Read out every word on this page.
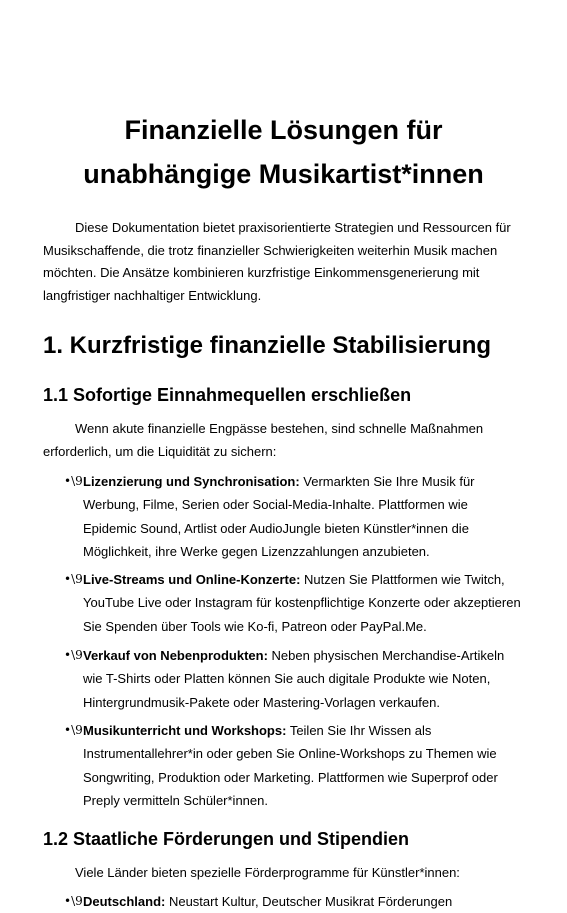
Finanzielle Lösungen für unabhängige Musikartist*innen

Diese Dokumentation bietet praxisorientierte Strategien und Ressourcen für Musikschaffende, die trotz finanzieller Schwierigkeiten weiterhin Musik machen möchten. Die Ansätze kombinieren kurzfristige Einkommensgenerierung mit langfristiger nachhaltiger Entwicklung.

1. Kurzfristige finanzielle Stabilisierung
1.1 Sofortige Einnahmequellen erschließen

Wenn akute finanzielle Engpässe bestehen, sind schnelle Maßnahmen erforderlich, um die Liquidität zu sichern:

•\9 Lizenzierung und Synchronisation: Vermarkten Sie Ihre Musik für Werbung, Filme, Serien oder Social-Media-Inhalte. Plattformen wie Epidemic Sound, Artlist oder AudioJungle bieten Künstler*innen die Möglichkeit, ihre Werke gegen Lizenzzahlungen anzubieten.
•\9 Live-Streams und Online-Konzerte: Nutzen Sie Plattformen wie Twitch, YouTube Live oder Instagram für kostenpflichtige Konzerte oder akzeptieren Sie Spenden über Tools wie Ko-fi, Patreon oder PayPal.Me.
•\9 Verkauf von Nebenprodukten: Neben physischen Merchandise-Artikeln wie T-Shirts oder Platten können Sie auch digitale Produkte wie Noten, Hintergrundmusik-Pakete oder Mastering-Vorlagen verkaufen.
•\9 Musikunterricht und Workshops: Teilen Sie Ihr Wissen als Instrumentallehrer*in oder geben Sie Online-Workshops zu Themen wie Songwriting, Produktion oder Marketing. Plattformen wie Superprof oder Preply vermitteln Schüler*innen.
1.2 Staatliche Förderungen und Stipendien

Viele Länder bieten spezielle Förderprogramme für Künstler*innen:

•\9 Deutschland: Neustart Kultur, Deutscher Musikrat Förderungen
